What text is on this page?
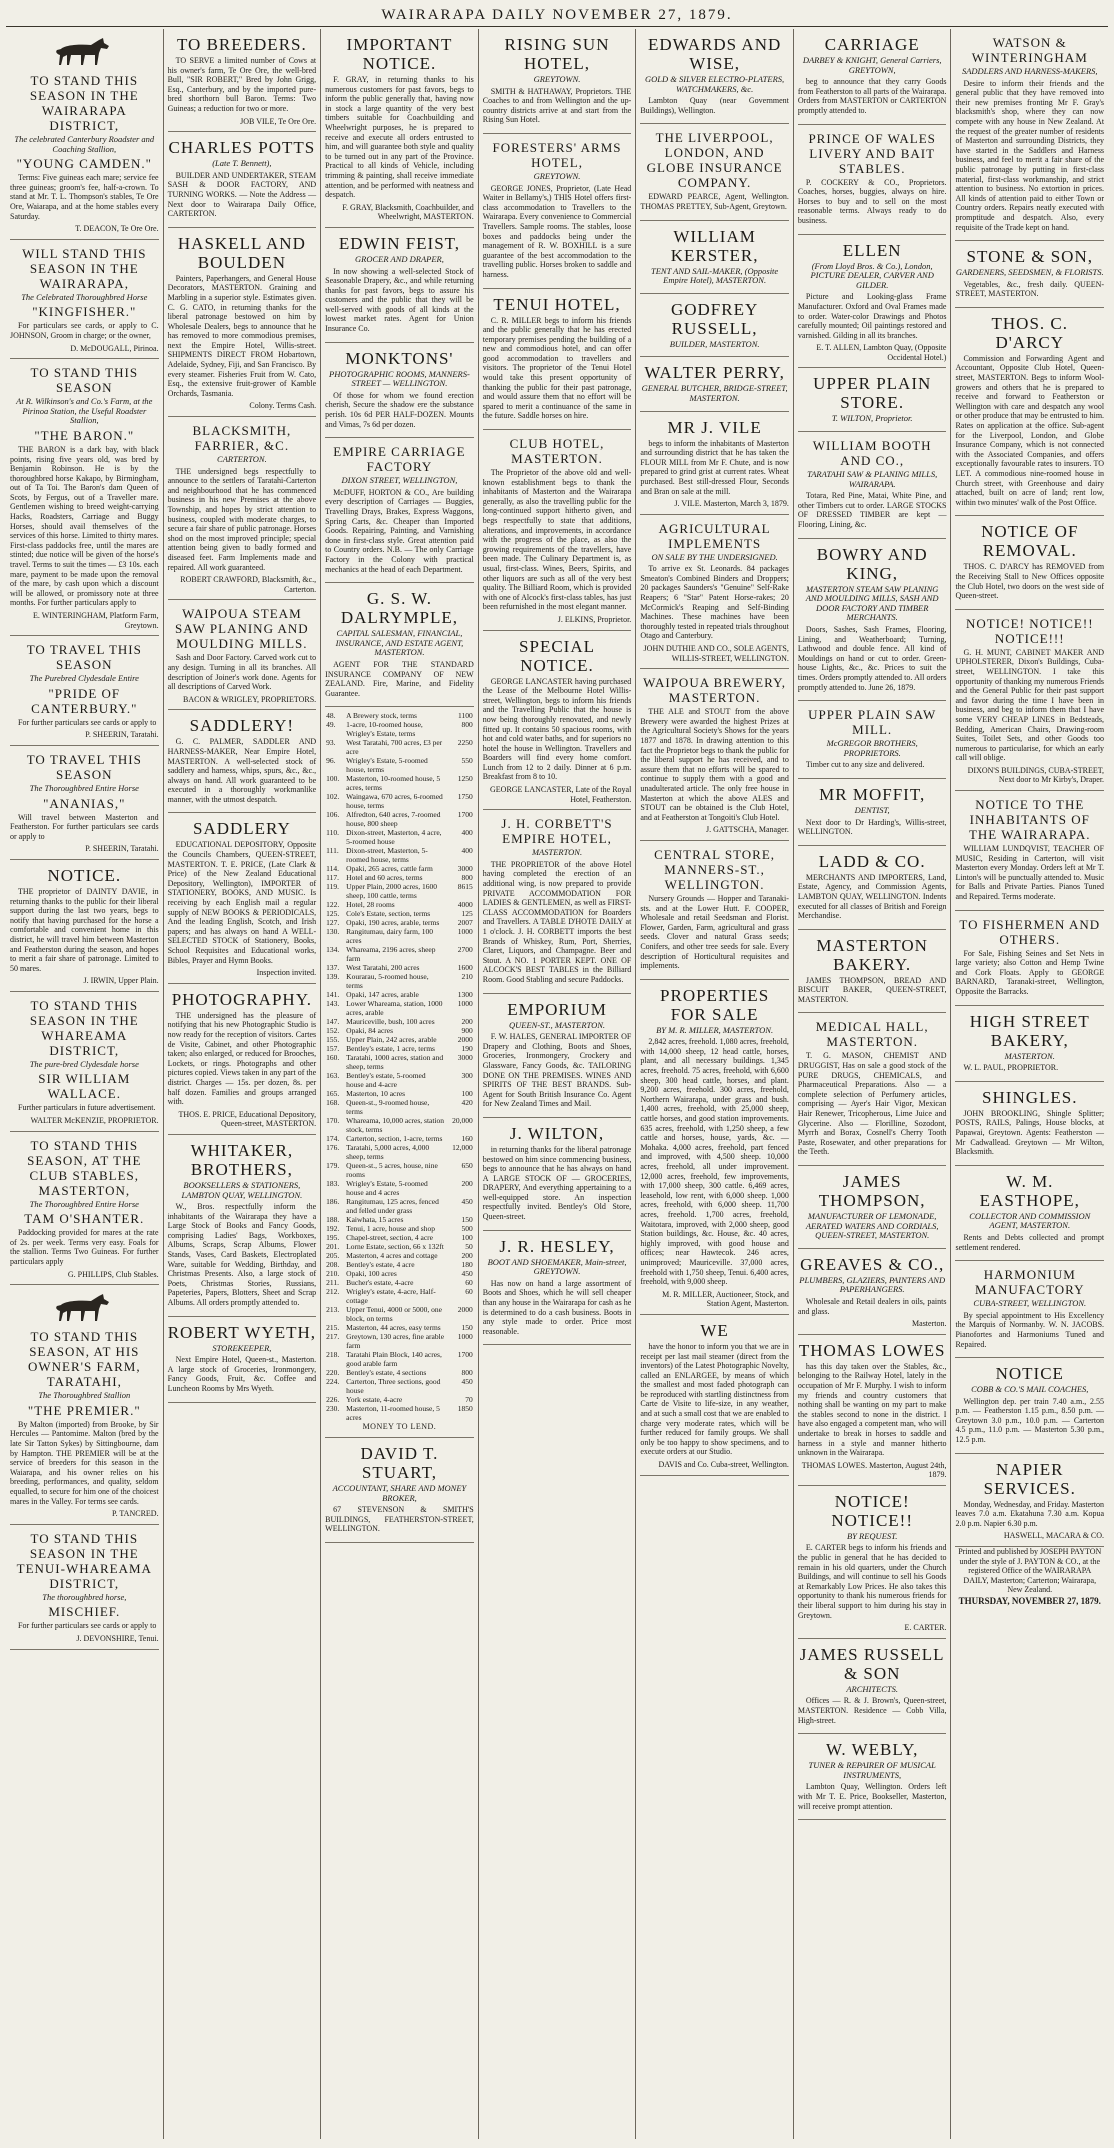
WAIRARAPA DAILY NOVEMBER 27, 1879.
TO STAND THIS SEASON IN THE WAIRARAPA DISTRICT,
The celebrated Canterbury Roadster and Coaching Stallion,
"YOUNG CAMDEN."

Terms: Five guineas each mare; service fee three guineas; groom's fee, half-a-crown. To stand at Mr. T. L. Thompson's stables, Te Ore Ore, Waiarapa, and at the home stables every Saturday.

T. DEACON, Te Ore Ore.
WILL STAND THIS SEASON IN THE WAIRARAPA,
The Celebrated Thoroughbred Horse
"KINGFISHER."

For particulars see cards, or apply to C. JOHNSON, Groom in charge; or the owner,

D. McDOUGALL, Pirinoa.
TO STAND THIS SEASON
At R. Wilkinson's and Co.'s Farm, at the Pirinoa Station, the Useful Roadster Stallion,
"THE BARON."

THE BARON is a dark bay, with black points, rising five years old, was bred by Benjamin Robinson. He is by the thoroughbred horse Kakapo, by Birmingham, out of Ta Toi. The Baron's dam Queen of Scots, by Fergus, out of a Traveller mare. Gentlemen wishing to breed weight-carrying Hacks, Roadsters, Carriage and Buggy Horses, should avail themselves of the services of this horse. Limited to thirty mares. First-class paddocks free, until the mares are stinted; due notice will be given of the horse's travel. Terms to suit the times — £3 10s. each mare, payment to be made upon the removal of the mare, by cash upon which a discount will be allowed, or promissory note at three months. For further particulars apply to

E. WINTERINGHAM, Platform Farm, Greytown.
TO TRAVEL THIS SEASON
The Purebred Clydesdale Entire
"PRIDE OF CANTERBURY."

For further particulars see cards or apply to

P. SHEERIN, Taratahi.
TO TRAVEL THIS SEASON
The Thoroughbred Entire Horse
"ANANIAS,"

Will travel between Masterton and Featherston. For further particulars see cards or apply to

P. SHEERIN, Taratahi.
NOTICE.

THE proprietor of DAINTY DAVIE, in returning thanks to the public for their liberal support during the last two years, begs to notify that having purchased for the horse a comfortable and convenient home in this district, he will travel him between Masterton and Featherston during the season, and hopes to merit a fair share of patronage. Limited to 50 mares.

J. IRWIN, Upper Plain.
TO STAND THIS SEASON IN THE WHAREAMA DISTRICT,
The pure-bred Clydesdale horse
SIR WILLIAM WALLACE.

Further particulars in future advertisement.

WALTER McKENZIE, PROPRIETOR.
TO STAND THIS SEASON, AT THE CLUB STABLES, MASTERTON,
The Thoroughbred Entire Horse
TAM O'SHANTER.

Paddocking provided for mares at the rate of 2s. per week. Terms very easy. Foals for the stallion. Terms Two Guineas. For further particulars apply

G. PHILLIPS, Club Stables.
TO STAND THIS SEASON, AT HIS OWNER'S FARM, TARATAHI,
The Thoroughbred Stallion
"THE PREMIER."

By Malton (imported) from Brooke, by Sir Hercules — Pantomime. Malton (bred by the late Sir Tatton Sykes) by Sittingbourne, dam by Hampton. THE PREMIER will be at the service of breeders for this season in the Waiarapa, and his owner relies on his breeding, performances, and quality, seldom equalled, to secure for him one of the choicest mares in the Valley. For terms see cards.

P. TANCRED.
TO STAND THIS SEASON IN THE TENUI-WHAREAMA DISTRICT,
The thoroughbred horse,
MISCHIEF.

For further particulars see cards or apply to

J. DEVONSHIRE, Tenui.
TO BREEDERS.

TO SERVE a limited number of Cows at his owner's farm, Te Ore Ore, the well-bred Bull, "SIR ROBERT," Bred by John Grigg, Esq., Canterbury, and by the imported pure-bred shorthorn bull Baron. Terms: Two Guineas; a reduction for two or more.

JOB VILE, Te Ore Ore.
CHARLES POTTS
(Late T. Bennett),

BUILDER AND UNDERTAKER, STEAM SASH & DOOR FACTORY, AND TURNING WORKS. — Note the Address — Next door to Wairarapa Daily Office, CARTERTON.

HASKELL AND BOULDEN

Painters, Paperhangers, and General House Decorators, MASTERTON. Graining and Marbling in a superior style. Estimates given. C. G. CATO, in returning thanks for the liberal patronage bestowed on him by Wholesale Dealers, begs to announce that he has removed to more commodious premises, next the Empire Hotel, Willis-street. SHIPMENTS DIRECT FROM Hobartown, Adelaide, Sydney, Fiji, and San Francisco. By every steamer. Fisheries Fruit from W. Cato, Esq., the extensive fruit-grower of Kamble Orchards, Tasmania.

Colony. Terms Cash.
BLACKSMITH, FARRIER, &C.
CARTERTON.

THE undersigned begs respectfully to announce to the settlers of Taratahi-Carterton and neighbourhood that he has commenced business in his new Premises at the above Township, and hopes by strict attention to business, coupled with moderate charges, to secure a fair share of public patronage. Horses shod on the most improved principle; special attention being given to badly formed and diseased feet. Farm Implements made and repaired. All work guaranteed.

ROBERT CRAWFORD, Blacksmith, &c., Carterton.
WAIPOUA STEAM SAW PLANING AND MOULDING MILLS.

Sash and Door Factory. Carved work cut to any design. Turning in all its branches. All description of Joiner's work done. Agents for all descriptions of Carved Work.

BACON & WRIGLEY, PROPRIETORS.
SADDLERY!

G. C. PALMER, SADDLER AND HARNESS-MAKER, Near Empire Hotel, MASTERTON. A well-selected stock of saddlery and harness, whips, spurs, &c., &c., always on hand. All work guaranteed to be executed in a thoroughly workmanlike manner, with the utmost despatch.

SADDLERY

EDUCATIONAL DEPOSITORY, Opposite the Councils Chambers, QUEEN-STREET, MASTERTON. T. E. PRICE, (Late Clark & Price) of the New Zealand Educational Depository, Wellington), IMPORTER of STATIONERY, BOOKS, AND MUSIC. Is receiving by each English mail a regular supply of NEW BOOKS & PERIODICALS, And the leading English, Scotch, and Irish papers; and has always on hand A WELL-SELECTED STOCK of Stationery, Books, School Requisites and Educational works, Bibles, Prayer and Hymn Books.

Inspection invited.
PHOTOGRAPHY.

THE undersigned has the pleasure of notifying that his new Photographic Studio is now ready for the reception of visitors. Cartes de Visite, Cabinet, and other Photographic taken; also enlarged, or reduced for Brooches, Lockets, or rings. Photographs and other pictures copied. Views taken in any part of the district. Charges — 15s. per dozen, 8s. per half dozen. Families and groups arranged with.

THOS. E. PRICE, Educational Depository, Queen-street, MASTERTON.
WHITAKER, BROTHERS,
BOOKSELLERS & STATIONERS, LAMBTON QUAY, WELLINGTON.

W., Bros. respectfully inform the inhabitants of the Wairarapa they have a Large Stock of Books and Fancy Goods, comprising Ladies' Bags, Workboxes, Albums, Scraps, Scrap Albums, Flower Stands, Vases, Card Baskets, Electroplated Ware, suitable for Wedding, Birthday, and Christmas Presents. Also, a large stock of Poets, Christmas Stories, Russians, Papeteries, Papers, Blotters, Sheet and Scrap Albums. All orders promptly attended to.

ROBERT WYETH,
STOREKEEPER,

Next Empire Hotel, Queen-st., Masterton. A large stock of Groceries, Ironmongery, Fancy Goods, Fruit, &c. Coffee and Luncheon Rooms by Mrs Wyeth.

IMPORTANT NOTICE.

F. GRAY, in returning thanks to his numerous customers for past favors, begs to inform the public generally that, having now in stock a large quantity of the very best timbers suitable for Coachbuilding and Wheelwright purposes, he is prepared to receive and execute all orders entrusted to him, and will guarantee both style and quality to be turned out in any part of the Province. Practical to all kinds of Vehicle, including trimming & painting, shall receive immediate attention, and be performed with neatness and despatch.

F. GRAY, Blacksmith, Coachbuilder, and Wheelwright, MASTERTON.
EDWIN FEIST,
GROCER AND DRAPER,

In now showing a well-selected Stock of Seasonable Drapery, &c., and while returning thanks for past favors, begs to assure his customers and the public that they will be well-served with goods of all kinds at the lowest market rates. Agent for Union Insurance Co.

MONKTONS'
PHOTOGRAPHIC ROOMS, MANNERS-STREET — WELLINGTON.

Of those for whom we found erection cherish, Secure the shadow ere the substance perish. 10s 6d PER HALF-DOZEN. Mounts and Vimas, 7s 6d per dozen.

EMPIRE CARRIAGE FACTORY
DIXON STREET, WELLINGTON,

McDUFF, HORTON & CO., Are building every description of Carriages — Buggies, Travelling Drays, Brakes, Express Waggons, Spring Carts, &c. Cheaper than Imported Goods. Repairing, Painting, and Varnishing done in first-class style. Great attention paid to Country orders. N.B. — The only Carriage Factory in the Colony with practical mechanics at the head of each Department.

G. S. W. DALRYMPLE,
CAPITAL SALESMAN, FINANCIAL, INSURANCE, AND ESTATE AGENT, MASTERTON.

AGENT FOR THE STANDARD INSURANCE COMPANY OF NEW ZEALAND. Fire, Marine, and Fidelity Guarantee.

48.	A Brewery stock, terms	1100
49.	1-acre, 10-roomed house, Wrigley's Estate, terms	800
93.	West Taratahi, 700 acres, £3 per acre	2250
96.	Wrigley's Estate, 5-roomed house, terms	550
100.	Masterton, 10-roomed house, 5 acres, terms	1250
102.	Waingawa, 670 acres, 6-roomed house, terms	1750
106.	Alfredton, 640 acres, 7-roomed house, 800 sheep	1700
110.	Dixon-street, Masterton, 4 acre, 5-roomed house	400
111.	Dixon-street, Masterton, 5-roomed house, terms	400
114.	Opaki, 265 acres, cattle farm	3000
117.	Hotel and 60 acres, terms	800
119.	Upper Plain, 2000 acres, 1600 sheep, 100 cattle, terms	8615
122.	Hotel, 28 rooms	4000
125.	Cole's Estate, section, terms	125
127.	Opaki, 190 acres, arable, terms	2007
130.	Rangitumau, dairy farm, 100 acres	1000
134.	Whareama, 2196 acres, sheep farm	2700
137.	West Taratahi, 200 acres	1600
139.	Kourarau, 5-roomed house, terms	210
141.	Opaki, 147 acres, arable	1300
143.	Lower Whareama, station, 1000 acres, arable	1000
147.	Mauriceville, bush, 100 acres	200
152.	Opaki, 84 acres	900
155.	Upper Plain, 242 acres, arable	2000
157.	Bentley's estate, 1 acre, terms	190
160.	Taratahi, 1000 acres, station and sheep, terms	3000
163.	Bentley's estate, 5-roomed house and 4-acre	300
165.	Masterton, 10 acres	100
168.	Queen-st., 9-roomed house, terms	420
170.	Whareama, 10,000 acres, station stock, terms	20,000
174.	Carterton, section, 1-acre, terms	160
176.	Taratahi, 5,000 acres, 4,000 sheep, terms	12,000
179.	Queen-st., 5 acres, house, nine rooms	650
183.	Wrigley's Estate, 5-roomed house and 4 acres	200
186.	Rangitumau, 125 acres, fenced and felled under grass	450
188.	Kaiwhata, 15 acres	150
192.	Tenui, 1 acre, house and shop	500
195.	Chapel-street, section, 4 acre	100
201.	Lorne Estate, section, 66 x 132ft	50
205.	Masterton, 4 acres and cottage	200
208.	Bentley's estate, 4 acre	180
210.	Opaki, 100 acres	450
211.	Bucher's estate, 4-acre	60
212.	Wrigley's estate, 4-acre, Half-cottage	60
213.	Upper Tenui, 4000 or 5000, one block, on terms	2000
215.	Masterton, 44 acres, easy terms	150
217.	Greytown, 130 acres, fine arable farm	1000
218.	Taratahi Plain Block, 140 acres, good arable farm	1700
220.	Bentley's estate, 4 sections	800
224.	Carterton, Three sections, good house	450
226.	York estate, 4-acre	70
230.	Masterton, 11-roomed house, 5 acres	1850
MONEY TO LEND.
DAVID T. STUART,
ACCOUNTANT, SHARE AND MONEY BROKER,

67 STEVENSON & SMITH'S BUILDINGS, FEATHERSTON-STREET, WELLINGTON.

RISING SUN HOTEL,
GREYTOWN.

SMITH & HATHAWAY, Proprietors. THE Coaches to and from Wellington and the up-country districts arrive at and start from the Rising Sun Hotel.

FORESTERS' ARMS HOTEL,
GREYTOWN.

GEORGE JONES, Proprietor, (Late Head Waiter in Bellamy's,) THIS Hotel offers first-class accommodation to Travellers to the Wairarapa. Every convenience to Commercial Travellers. Sample rooms. The stables, loose boxes and paddocks being under the management of R. W. BOXHILL is a sure guarantee of the best accommodation to the travelling public. Horses broken to saddle and harness.

TENUI HOTEL,

C. R. MILLER begs to inform his friends and the public generally that he has erected temporary premises pending the building of a new and commodious hotel, and can offer good accommodation to travellers and visitors. The proprietor of the Tenui Hotel would take this present opportunity of thanking the public for their past patronage, and would assure them that no effort will be spared to merit a continuance of the same in the future. Saddle horses on hire.

CLUB HOTEL, MASTERTON.

The Proprietor of the above old and well-known establishment begs to thank the inhabitants of Masterton and the Wairarapa generally, as also the travelling public for the long-continued support hitherto given, and begs respectfully to state that additions, alterations, and improvements, in accordance with the progress of the place, as also the growing requirements of the travellers, have been made. The Culinary Department is, as usual, first-class. Wines, Beers, Spirits, and other liquors are such as all of the very best quality. The Billiard Room, which is provided with one of Alcock's first-class tables, has just been refurnished in the most elegant manner.

J. ELKINS, Proprietor.
SPECIAL NOTICE.

GEORGE LANCASTER having purchased the Lease of the Melbourne Hotel Willis-street, Wellington, begs to inform his friends and the Travelling Public that the house is now being thoroughly renovated, and newly fitted up. It contains 50 spacious rooms, with hot and cold water baths, and for superiors no hotel the house in Wellington. Travellers and Boarders will find every home comfort. Lunch from 12 to 2 daily. Dinner at 6 p.m. Breakfast from 8 to 10.

GEORGE LANCASTER, Late of the Royal Hotel, Featherston.
J. H. CORBETT'S EMPIRE HOTEL,
MASTERTON.

THE PROPRIETOR of the above Hotel having completed the erection of an additional wing, is now prepared to provide PRIVATE ACCOMMODATION FOR LADIES & GENTLEMEN, as well as FIRST-CLASS ACCOMMODATION for Boarders and Travellers. A TABLE D'HOTE DAILY at 1 o'clock. J. H. CORBETT imports the best Brands of Whiskey, Rum, Port, Sherries, Claret, Liquors, and Champagne. Beer and Stout. A NO. 1 PORTER KEPT. ONE OF ALCOCK'S BEST TABLES in the Billiard Room. Good Stabling and secure Paddocks.

EMPORIUM
QUEEN-ST., MASTERTON.

F. W. HALES, GENERAL IMPORTER OF Drapery and Clothing, Boots and Shoes, Groceries, Ironmongery, Crockery and Glassware, Fancy Goods, &c. TAILORING DONE ON THE PREMISES. WINES AND SPIRITS OF THE BEST BRANDS. Sub-Agent for South British Insurance Co. Agent for New Zealand Times and Mail.

J. WILTON,

in returning thanks for the liberal patronage bestowed on him since commencing business, begs to announce that he has always on hand A LARGE STOCK OF — GROCERIES, DRAPERY, And everything appertaining to a well-equipped store. An inspection respectfully invited. Bentley's Old Store, Queen-street.

J. R. HESLEY,
BOOT AND SHOEMAKER, Main-street, GREYTOWN.

Has now on hand a large assortment of Boots and Shoes, which he will sell cheaper than any house in the Wairarapa for cash as he is determined to do a cash business. Boots in any style made to order. Price most reasonable.

EDWARDS AND WISE,
GOLD & SILVER ELECTRO-PLATERS, WATCHMAKERS, &c.

Lambton Quay (near Government Buildings), Wellington.

THE LIVERPOOL, LONDON, AND GLOBE INSURANCE COMPANY.

EDWARD PEARCE, Agent, Wellington. THOMAS PRETTEY, Sub-Agent, Greytown.

WILLIAM KERSTER,
TENT AND SAIL-MAKER, (Opposite Empire Hotel), MASTERTON.
GODFREY RUSSELL,
BUILDER, MASTERTON.
WALTER PERRY,
GENERAL BUTCHER, BRIDGE-STREET, MASTERTON.
MR J. VILE

begs to inform the inhabitants of Masterton and surrounding district that he has taken the FLOUR MILL from Mr F. Chute, and is now prepared to grind grist at current rates. Wheat purchased. Best still-dressed Flour, Seconds and Bran on sale at the mill.

J. VILE. Masterton, March 3, 1879.
AGRICULTURAL IMPLEMENTS
ON SALE BY THE UNDERSIGNED.

To arrive ex St. Leonards. 84 packages Smeaton's Combined Binders and Droppers; 20 packages Saunders's "Genuine" Self-Rake Reapers; 6 "Star" Patent Horse-rakes; 20 McCormick's Reaping and Self-Binding Machines. These machines have been thoroughly tested in repeated trials throughout Otago and Canterbury.

JOHN DUTHIE AND CO., SOLE AGENTS, WILLIS-STREET, WELLINGTON.
WAIPOUA BREWERY, MASTERTON.

THE ALE and STOUT from the above Brewery were awarded the highest Prizes at the Agricultural Society's Shows for the years 1877 and 1878. In drawing attention to this fact the Proprietor begs to thank the public for the liberal support he has received, and to assure them that no efforts will be spared to continue to supply them with a good and unadulterated article. The only free house in Masterton at which the above ALES and STOUT can be obtained is the Club Hotel, and at Featherston at Tongoiti's Club Hotel.

J. GATTSCHA, Manager.
CENTRAL STORE, MANNERS-ST., WELLINGTON.

Nursery Grounds — Hopper and Taranaki-sts. and at the Lower Hutt. F. COOPER, Wholesale and retail Seedsman and Florist. Flower, Garden, Farm, agricultural and grass seeds. Clover and natural Grass seeds; Conifers, and other tree seeds for sale. Every description of Horticultural requisites and implements.

PROPERTIES FOR SALE
BY M. R. MILLER, MASTERTON.

2,842 acres, freehold. 1,080 acres, freehold, with 14,000 sheep, 12 head cattle, horses, plant, and all necessary buildings. 1,345 acres, freehold. 75 acres, freehold, with 6,600 sheep, 300 head cattle, horses, and plant. 9,200 acres, freehold. 300 acres, freehold, Northern Wairarapa, under grass and bush. 1,400 acres, freehold, with 25,000 sheep, cattle horses, and good station improvements. 635 acres, freehold, with 1,250 sheep, a few cattle and horses, house, yards, &c. — Mohaka. 4,000 acres, freehold, part fenced and improved, with 4,500 sheep. 10,000 acres, freehold, all under improvement. 12,000 acres, freehold, few improvements, with 17,000 sheep, 300 cattle. 6,469 acres, leasehold, low rent, with 6,000 sheep. 1,000 acres, freehold, with 6,000 sheep. 11,700 acres, freehold. 1,700 acres, freehold, Waitotara, improved, with 2,000 sheep, good Station buildings, &c. House, &c. 40 acres, highly improved, with good house and offices; near Hawtecok. 246 acres, unimproved; Mauriceville. 37,000 acres, freehold with 1,750 sheep, Tenui. 6,400 acres, freehold, with 9,000 sheep.

M. R. MILLER, Auctioneer, Stock, and Station Agent, Masterton.
WE

have the honor to inform you that we are in receipt per last mail steamer (direct from the inventors) of the Latest Photographic Novelty, called an ENLARGEE, by means of which the smallest and most faded photograph can be reproduced with startling distinctness from Carte de Visite to life-size, in any weather, and at such a small cost that we are enabled to charge very moderate rates, which will be further reduced for family groups. We shall only be too happy to show specimens, and to execute orders at our Studio.

DAVIS and Co. Cuba-street, Wellington.
CARRIAGE
DARBEY & KNIGHT, General Carriers, GREYTOWN,

beg to announce that they carry Goods from Featherston to all parts of the Wairarapa. Orders from MASTERTON or CARTERTON promptly attended to.

PRINCE OF WALES LIVERY AND BAIT STABLES.

P. COCKERY & CO., Proprietors. Coaches, horses, buggies, always on hire. Horses to buy and to sell on the most reasonable terms. Always ready to do business.

ELLEN
(From Lloyd Bros. & Co.), London, PICTURE DEALER, CARVER AND GILDER.

Picture and Looking-glass Frame Manufacturer. Oxford and Oval Frames made to order. Water-color Drawings and Photos carefully mounted; Oil paintings restored and varnished. Gilding in all its branches.

E. T. ALLEN, Lambton Quay, (Opposite Occidental Hotel.)
UPPER PLAIN STORE.
T. WILTON, Proprietor.
WILLIAM BOOTH AND CO.,
TARATAHI SAW & PLANING MILLS, WAIRARAPA.

Totara, Red Pine, Matai, White Pine, and other Timbers cut to order. LARGE STOCKS OF DRESSED TIMBER are kept — Flooring, Lining, &c.

BOWRY AND KING,
MASTERTON STEAM SAW PLANING AND MOULDING MILLS, SASH AND DOOR FACTORY AND TIMBER MERCHANTS.

Doors, Sashes, Sash Frames, Flooring, Lining, and Weatherboard; Turning, Lathwood and double fence. All kind of Mouldings on hand or cut to order. Green-house Lights, &c., &c. Prices to suit the times. Orders promptly attended to. All orders promptly attended to. June 26, 1879.

UPPER PLAIN SAW MILL.
McGREGOR BROTHERS, PROPRIETORS.

Timber cut to any size and delivered.

MR MOFFIT,
DENTIST,

Next door to Dr Harding's, Willis-street, WELLINGTON.

LADD & CO.

MERCHANTS AND IMPORTERS, Land, Estate, Agency, and Commission Agents, LAMBTON QUAY, WELLINGTON. Indents executed for all classes of British and Foreign Merchandise.

MASTERTON BAKERY.

JAMES THOMPSON, BREAD AND BISCUIT BAKER, QUEEN-STREET, MASTERTON.

MEDICAL HALL, MASTERTON.

T. G. MASON, CHEMIST AND DRUGGIST, Has on sale a good stock of the PURE DRUGS, CHEMICALS, and Pharmaceutical Preparations. Also — a complete selection of Perfumery articles, comprising — Ayer's Hair Vigor, Mexican Hair Renewer, Tricopherous, Lime Juice and Glycerine. Also — Florilline, Sozodont, Myrrh and Borax, Cosnell's Cherry Tooth Paste, Rosewater, and other preparations for the Teeth.

JAMES THOMPSON,
MANUFACTURER OF LEMONADE, AERATED WATERS AND CORDIALS, QUEEN-STREET, MASTERTON.
GREAVES & CO.,
PLUMBERS, GLAZIERS, PAINTERS AND PAPERHANGERS.

Wholesale and Retail dealers in oils, paints and glass.

Masterton.
THOMAS LOWES

has this day taken over the Stables, &c., belonging to the Railway Hotel, lately in the occupation of Mr F. Murphy. I wish to inform my friends and country customers that nothing shall be wanting on my part to make the stables second to none in the district. I have also engaged a competent man, who will undertake to break in horses to saddle and harness in a style and manner hitherto unknown in the Wairarapa.

THOMAS LOWES. Masterton, August 24th, 1879.
NOTICE! NOTICE!!
BY REQUEST.

E. CARTER begs to inform his friends and the public in general that he has decided to remain in his old quarters, under the Church Buildings, and will continue to sell his Goods at Remarkably Low Prices. He also takes this opportunity to thank his numerous friends for their liberal support to him during his stay in Greytown.

E. CARTER.
JAMES RUSSELL & SON
ARCHITECTS.

Offices — R. & J. Brown's, Queen-street, MASTERTON. Residence — Cobb Villa, High-street.

W. WEBLY,
TUNER & REPAIRER OF MUSICAL INSTRUMENTS,

Lambton Quay, Wellington. Orders left with Mr T. E. Price, Bookseller, Masterton, will receive prompt attention.

WATSON & WINTERINGHAM
SADDLERS AND HARNESS-MAKERS,

Desire to inform their friends and the general public that they have removed into their new premises fronting Mr F. Gray's blacksmith's shop, where they can now compete with any house in New Zealand. At the request of the greater number of residents of Masterton and surrounding Districts, they have started in the Saddlers and Harness business, and feel to merit a fair share of the public patronage by putting in first-class material, first-class workmanship, and strict attention to business. No extortion in prices. All kinds of attention paid to either Town or Country orders. Repairs neatly executed with promptitude and despatch. Also, every requisite of the Trade kept on hand.

STONE & SON,
GARDENERS, SEEDSMEN, & FLORISTS.

Vegetables, &c., fresh daily. QUEEN-STREET, MASTERTON.

THOS. C. D'ARCY

Commission and Forwarding Agent and Accountant, Opposite Club Hotel, Queen-street, MASTERTON. Begs to inform Wool-growers and others that he is prepared to receive and forward to Featherston or Wellington with care and despatch any wool or other produce that may be entrusted to him. Rates on application at the office. Sub-agent for the Liverpool, London, and Globe Insurance Company, which is not connected with the Associated Companies, and offers exceptionally favourable rates to insurers. TO LET. A commodious nine-roomed house in Church street, with Greenhouse and dairy attached, built on acre of land; rent low, within two minutes' walk of the Post Office.

NOTICE OF REMOVAL.

THOS. C. D'ARCY has REMOVED from the Receiving Stall to New Offices opposite the Club Hotel, two doors on the west side of Queen-street.

NOTICE! NOTICE!! NOTICE!!!

G. H. MUNT, CABINET MAKER AND UPHOLSTERER, Dixon's Buildings, Cuba-street, WELLINGTON. I take this opportunity of thanking my numerous Friends and the General Public for their past support and favor during the time I have been in business, and beg to inform them that I have some VERY CHEAP LINES in Bedsteads, Bedding, American Chairs, Drawing-room Suites, Toilet Sets, and other Goods too numerous to particularise, for which an early call will oblige.

DIXON'S BUILDINGS, CUBA-STREET, Next door to Mr Kirby's, Draper.
NOTICE TO THE INHABITANTS OF THE WAIRARAPA.

WILLIAM LUNDQVIST, TEACHER OF MUSIC, Residing in Carterton, will visit Masterton every Monday. Orders left at Mr T. Linton's will be punctually attended to. Music for Balls and Private Parties. Pianos Tuned and Repaired. Terms moderate.

TO FISHERMEN AND OTHERS.

For Sale, Fishing Seines and Set Nets in large variety; also Cotton and Hemp Twine and Cork Floats. Apply to GEORGE BARNARD, Taranaki-street, Wellington, Opposite the Barracks.

HIGH STREET BAKERY,
MASTERTON.

W. L. PAUL, PROPRIETOR.

SHINGLES.

JOHN BROOKLING, Shingle Splitter; POSTS, RAILS, Palings, House blocks, at Papawai, Greytown. Agents: Featherston — Mr Cadwallead. Greytown — Mr Wilton, Blacksmith.

W. M. EASTHOPE,
COLLECTOR AND COMMISSION AGENT, MASTERTON.

Rents and Debts collected and prompt settlement rendered.

HARMONIUM MANUFACTORY
CUBA-STREET, WELLINGTON.

By special appointment to His Excellency the Marquis of Normanby. W. N. JACOBS. Pianofortes and Harmoniums Tuned and Repaired.

NOTICE
COBB & CO.'S MAIL COACHES,

Wellington dep. per train 7.40 a.m., 2.55 p.m. — Featherston 1.15 p.m., 8.50 p.m. — Greytown 3.0 p.m., 10.0 p.m. — Carterton 4.5 p.m., 11.0 p.m. — Masterton 5.30 p.m., 12.5 p.m.

NAPIER SERVICES.

Monday, Wednesday, and Friday. Masterton leaves 7.0 a.m. Ekatahuna 7.30 a.m. Kopua 2.0 p.m. Napier 6.30 p.m.

HASWELL, MACARA & CO.
Printed and published by JOSEPH PAYTON under the style of J. PAYTON & CO., at the registered Office of the WAIRARAPA DAILY, Masterton; Carterton; Wairarapa, New Zealand.
THURSDAY, NOVEMBER 27, 1879.
